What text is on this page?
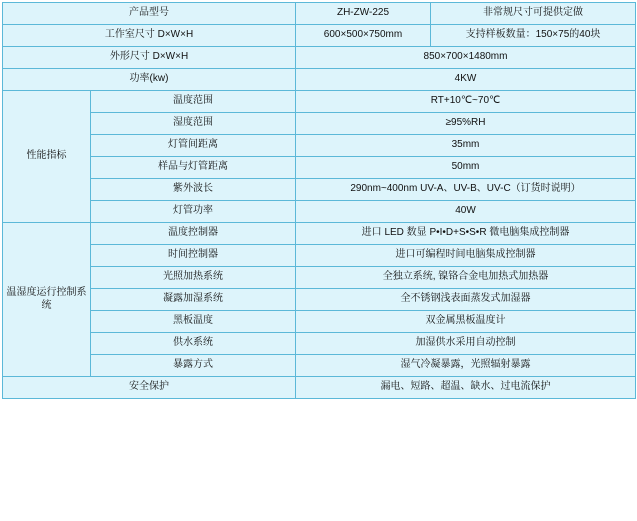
产品型号		ZH-ZW-225	非常规尺寸可提供定做
工作室尺寸 D×W×H		600×500×750mm	支持样板数量：150×75的40块
外形尺寸 D×W×H		850×700×1480mm	
功率(kw)		4KW	
性能指标	温度范围	RT+10℃~70℃	
	湿度范围	≥95%RH	
	灯管间距离	35mm	
	样品与灯管距离	50mm	
	紫外波长	290nm~400nm UV-A、UV-B、UV-C（订货时说明）	
	灯管功率	40W	
温湿度运行控制系统	温度控制器	进口 LED 数显 P•I•D+S•S•R 微电脑集成控制器	
	时间控制器	进口可编程时间电脑集成控制器	
	光照加热系统	全独立系统, 镍铬合金电加热式加热器	
	凝露加湿系统	全不锈钢浅表面蒸发式加湿器	
	黑板温度	双金属黑板温度计	
	供水系统	加湿供水采用自动控制	
	暴露方式	湿气冷凝暴露，光照辐射暴露	
安全保护		漏电、短路、超温、缺水、过电流保护	
